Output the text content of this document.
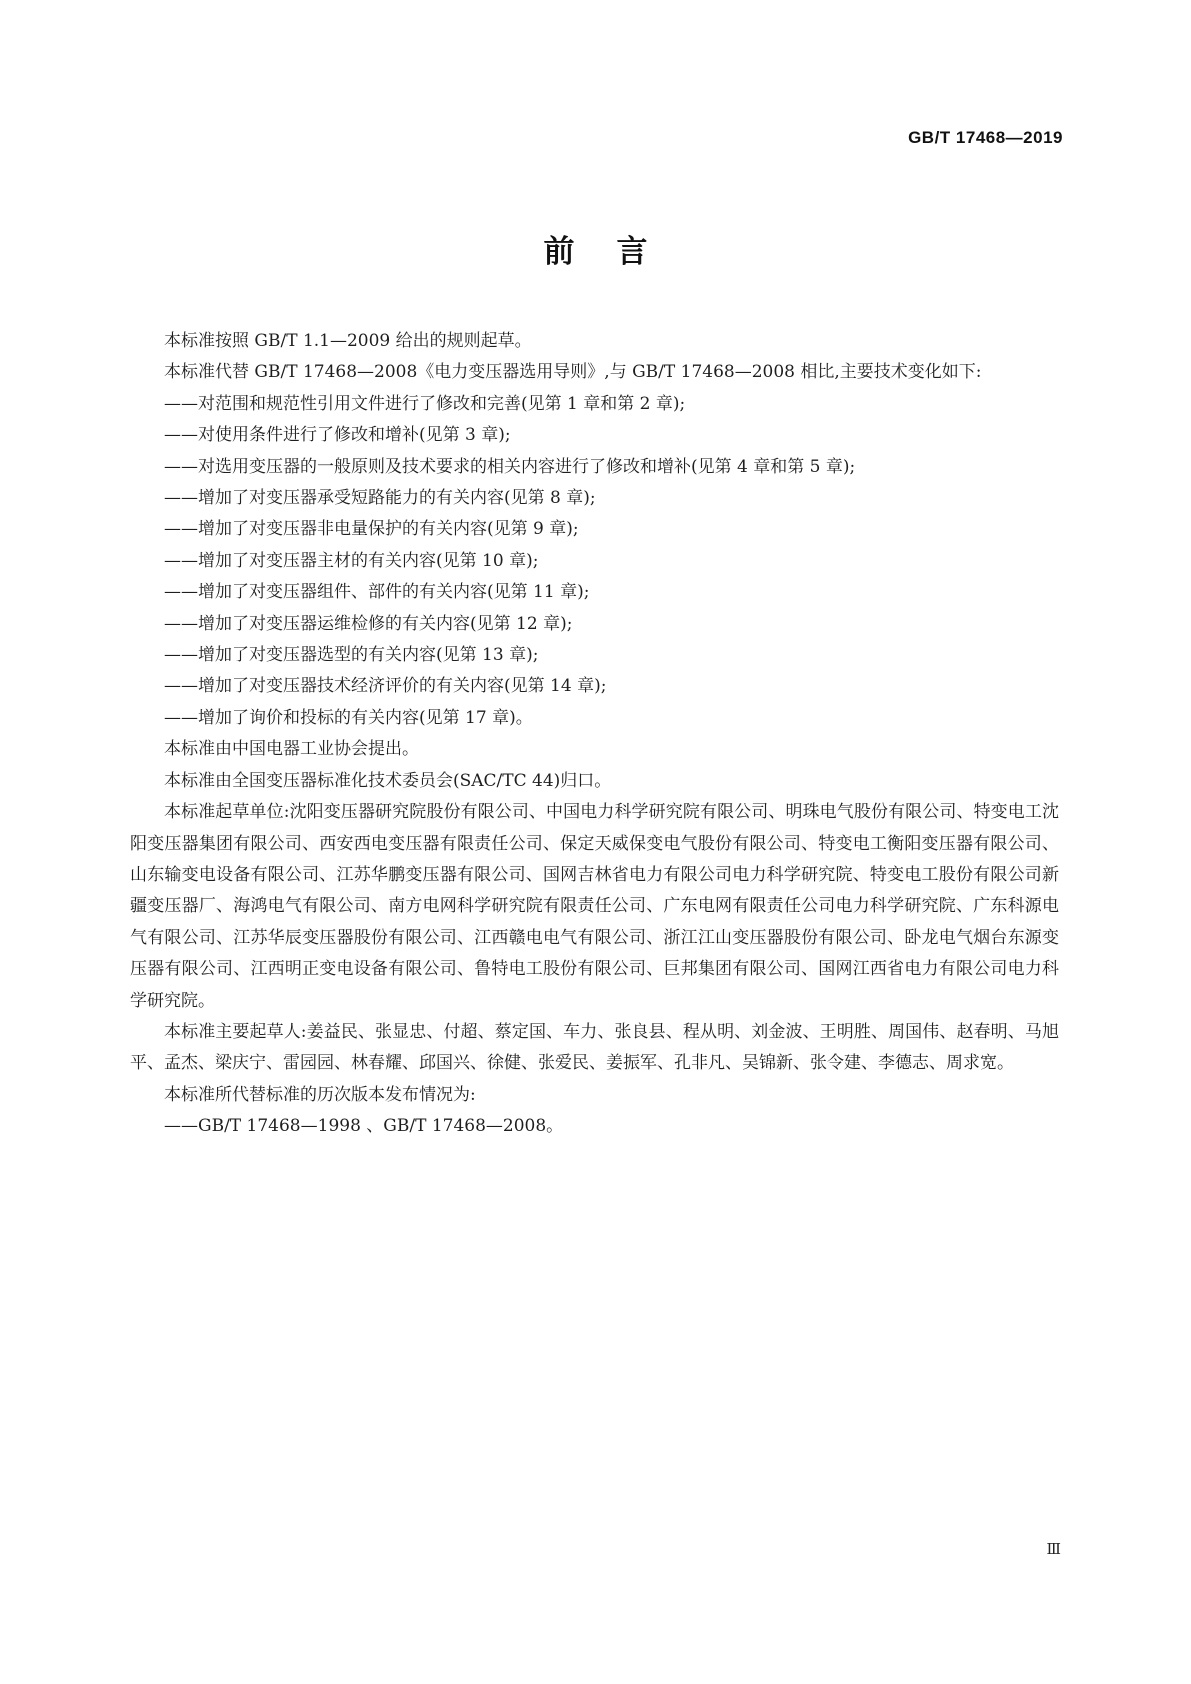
GB/T 17468—2019
前言

本标准按照 GB/T 1.1—2009 给出的规则起草。

本标准代替 GB/T 17468—2008《电力变压器选用导则》,与 GB/T 17468—2008 相比,主要技术变化如下:

——对范围和规范性引用文件进行了修改和完善(见第 1 章和第 2 章);

——对使用条件进行了修改和增补(见第 3 章);

——对选用变压器的一般原则及技术要求的相关内容进行了修改和增补(见第 4 章和第 5 章);

——增加了对变压器承受短路能力的有关内容(见第 8 章);

——增加了对变压器非电量保护的有关内容(见第 9 章);

——增加了对变压器主材的有关内容(见第 10 章);

——增加了对变压器组件、部件的有关内容(见第 11 章);

——增加了对变压器运维检修的有关内容(见第 12 章);

——增加了对变压器选型的有关内容(见第 13 章);

——增加了对变压器技术经济评价的有关内容(见第 14 章);

——增加了询价和投标的有关内容(见第 17 章)。

本标准由中国电器工业协会提出。

本标准由全国变压器标准化技术委员会(SAC/TC 44)归口。

本标准起草单位:沈阳变压器研究院股份有限公司、中国电力科学研究院有限公司、明珠电气股份有限公司、特变电工沈阳变压器集团有限公司、西安西电变压器有限责任公司、保定天威保变电气股份有限公司、特变电工衡阳变压器有限公司、山东输变电设备有限公司、江苏华鹏变压器有限公司、国网吉林省电力有限公司电力科学研究院、特变电工股份有限公司新疆变压器厂、海鸿电气有限公司、南方电网科学研究院有限责任公司、广东电网有限责任公司电力科学研究院、广东科源电气有限公司、江苏华辰变压器股份有限公司、江西赣电电气有限公司、浙江江山变压器股份有限公司、卧龙电气烟台东源变压器有限公司、江西明正变电设备有限公司、鲁特电工股份有限公司、巨邦集团有限公司、国网江西省电力有限公司电力科学研究院。

本标准主要起草人:姜益民、张显忠、付超、蔡定国、车力、张良县、程从明、刘金波、王明胜、周国伟、赵春明、马旭平、孟杰、梁庆宁、雷园园、林春耀、邱国兴、徐健、张爱民、姜振军、孔非凡、吴锦新、张令建、李德志、周求宽。

本标准所代替标准的历次版本发布情况为:

——GB/T 17468—1998 、GB/T 17468—2008。

Ⅲ
